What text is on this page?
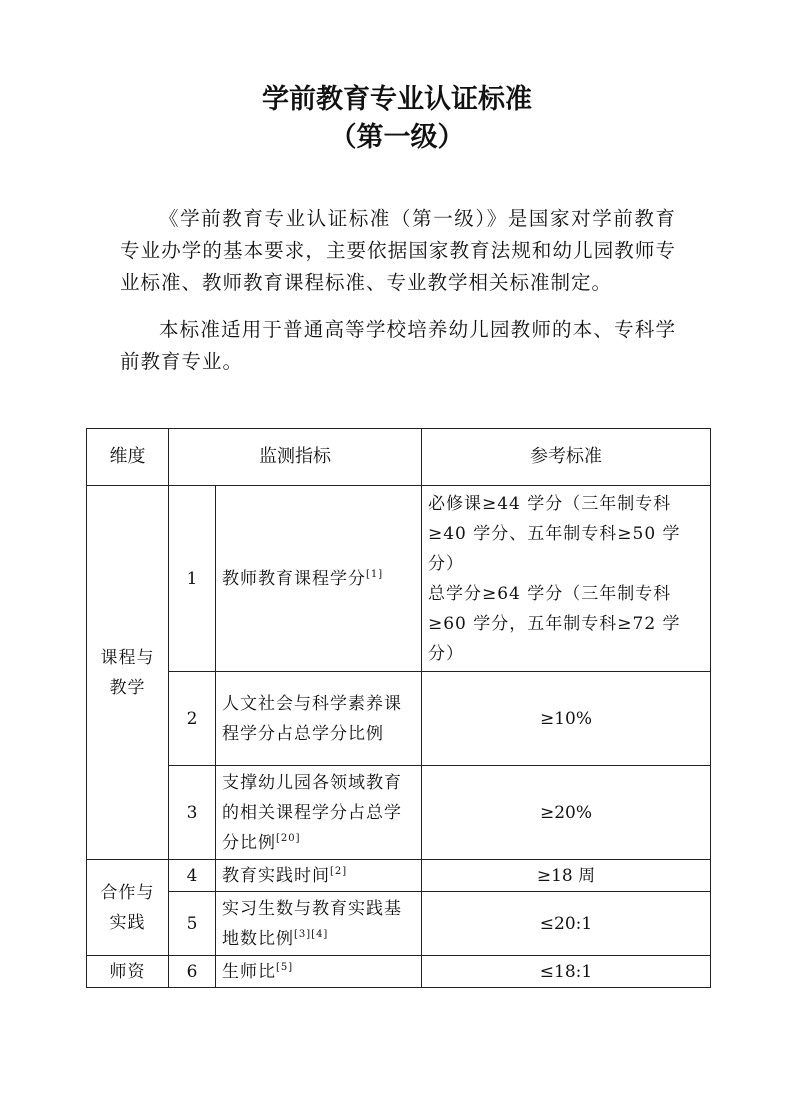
学前教育专业认证标准
（第一级）
《学前教育专业认证标准（第一级）》是国家对学前教育专业办学的基本要求，主要依据国家教育法规和幼儿园教师专业标准、教师教育课程标准、专业教学相关标准制定。
本标准适用于普通高等学校培养幼儿园教师的本、专科学前教育专业。
维度	监测指标		参考标准
课程与教学	1	教师教育课程学分[1]	必修课≥44 学分（三年制专科≥40 学分、五年制专科≥50 学分）
总学分≥64 学分（三年制专科≥60 学分，五年制专科≥72 学分）

	2	人文社会与科学素养课程学分占总学分比例	≥10%
	3	支撑幼儿园各领域教育的相关课程学分占总学分比例[20]	≥20%
合作与实践	4	教育实践时间[2]	≥18 周
	5	实习生数与教育实践基地数比例[3][4]	≤20:1
师资	6	生师比[5]	≤18:1
